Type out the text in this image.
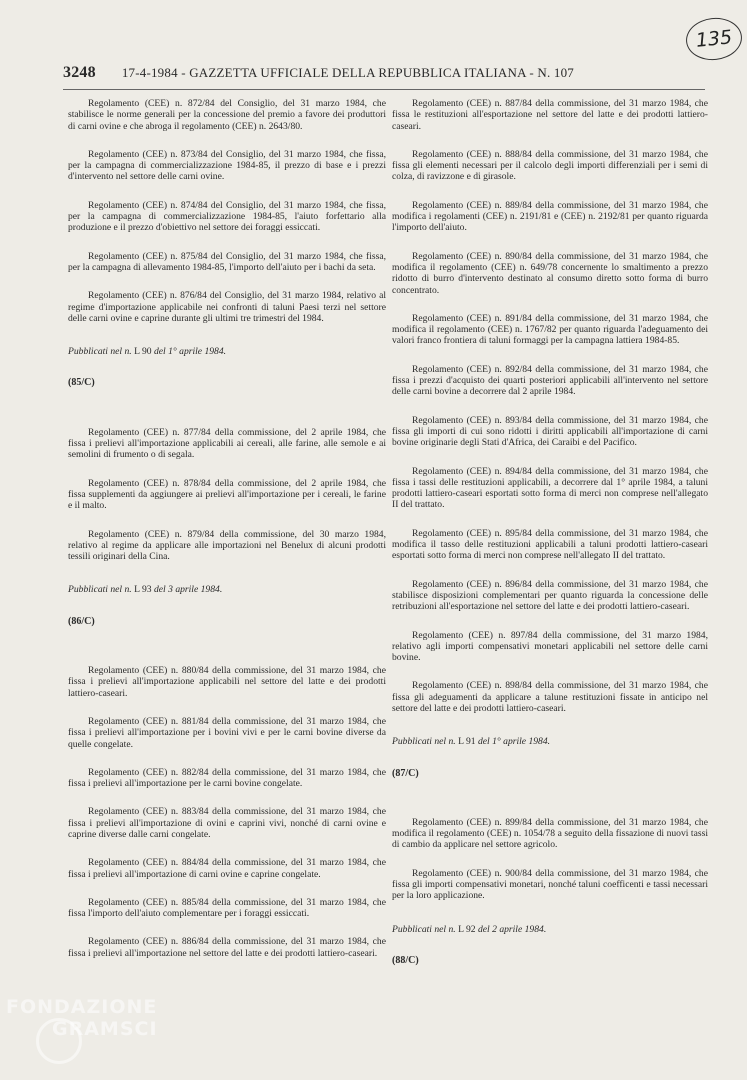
135
3248 17-4-1984 - GAZZETTA UFFICIALE DELLA REPUBBLICA ITALIANA - N. 107

Regolamento (CEE) n. 872/84 del Consiglio, del 31 marzo 1984, che stabilisce le norme generali per la concessione del premio a favore dei produttori di carni ovine e che abroga il regolamento (CEE) n. 2643/80.

Regolamento (CEE) n. 873/84 del Consiglio, del 31 marzo 1984, che fissa, per la campagna di commercializzazione 1984-85, il prezzo di base e i prezzi d'intervento nel settore delle carni ovine.

Regolamento (CEE) n. 874/84 del Consiglio, del 31 marzo 1984, che fissa, per la campagna di commercializzazione 1984-85, l'aiuto forfettario alla produzione e il prezzo d'obiettivo nel settore dei foraggi essiccati.

Regolamento (CEE) n. 875/84 del Consiglio, del 31 marzo 1984, che fissa, per la campagna di allevamento 1984-85, l'importo dell'aiuto per i bachi da seta.

Regolamento (CEE) n. 876/84 del Consiglio, del 31 marzo 1984, relativo al regime d'importazione applicabile nei confronti di taluni Paesi terzi nel settore delle carni ovine e caprine durante gli ultimi tre trimestri del 1984.

Pubblicati nel n. L 90 del 1° aprile 1984.

(85/C)

Regolamento (CEE) n. 877/84 della commissione, del 2 aprile 1984, che fissa i prelievi all'importazione applicabili ai cereali, alle farine, alle semole e ai semolini di frumento o di segala.

Regolamento (CEE) n. 878/84 della commissione, del 2 aprile 1984, che fissa supplementi da aggiungere ai prelievi all'importazione per i cereali, le farine e il malto.

Regolamento (CEE) n. 879/84 della commissione, del 30 marzo 1984, relativo al regime da applicare alle importazioni nel Benelux di alcuni prodotti tessili originari della Cina.

Pubblicati nel n. L 93 del 3 aprile 1984.

(86/C)

Regolamento (CEE) n. 880/84 della commissione, del 31 marzo 1984, che fissa i prelievi all'importazione applicabili nel settore del latte e dei prodotti lattiero-caseari.

Regolamento (CEE) n. 881/84 della commissione, del 31 marzo 1984, che fissa i prelievi all'importazione per i bovini vivi e per le carni bovine diverse da quelle congelate.

Regolamento (CEE) n. 882/84 della commissione, del 31 marzo 1984, che fissa i prelievi all'importazione per le carni bovine congelate.

Regolamento (CEE) n. 883/84 della commissione, del 31 marzo 1984, che fissa i prelievi all'importazione di ovini e caprini vivi, nonché di carni ovine e caprine diverse dalle carni congelate.

Regolamento (CEE) n. 884/84 della commissione, del 31 marzo 1984, che fissa i prelievi all'importazione di carni ovine e caprine congelate.

Regolamento (CEE) n. 885/84 della commissione, del 31 marzo 1984, che fissa l'importo dell'aiuto complementare per i foraggi essiccati.

Regolamento (CEE) n. 886/84 della commissione, del 31 marzo 1984, che fissa i prelievi all'importazione nel settore del latte e dei prodotti lattiero-caseari.

Regolamento (CEE) n. 887/84 della commissione, del 31 marzo 1984, che fissa le restituzioni all'esportazione nel settore del latte e dei prodotti lattiero-caseari.

Regolamento (CEE) n. 888/84 della commissione, del 31 marzo 1984, che fissa gli elementi necessari per il calcolo degli importi differenziali per i semi di colza, di ravizzone e di girasole.

Regolamento (CEE) n. 889/84 della commissione, del 31 marzo 1984, che modifica i regolamenti (CEE) n. 2191/81 e (CEE) n. 2192/81 per quanto riguarda l'importo dell'aiuto.

Regolamento (CEE) n. 890/84 della commissione, del 31 marzo 1984, che modifica il regolamento (CEE) n. 649/78 concernente lo smaltimento a prezzo ridotto di burro d'intervento destinato al consumo diretto sotto forma di burro concentrato.

Regolamento (CEE) n. 891/84 della commissione, del 31 marzo 1984, che modifica il regolamento (CEE) n. 1767/82 per quanto riguarda l'adeguamento dei valori franco frontiera di taluni formaggi per la campagna lattiera 1984-85.

Regolamento (CEE) n. 892/84 della commissione, del 31 marzo 1984, che fissa i prezzi d'acquisto dei quarti posteriori applicabili all'intervento nel settore delle carni bovine a decorrere dal 2 aprile 1984.

Regolamento (CEE) n. 893/84 della commissione, del 31 marzo 1984, che fissa gli importi di cui sono ridotti i diritti applicabili all'importazione di carni bovine originarie degli Stati d'Africa, dei Caraibi e del Pacifico.

Regolamento (CEE) n. 894/84 della commissione, del 31 marzo 1984, che fissa i tassi delle restituzioni applicabili, a decorrere dal 1° aprile 1984, a taluni prodotti lattiero-caseari esportati sotto forma di merci non comprese nell'allegato II del trattato.

Regolamento (CEE) n. 895/84 della commissione, del 31 marzo 1984, che modifica il tasso delle restituzioni applicabili a taluni prodotti lattiero-caseari esportati sotto forma di merci non comprese nell'allegato II del trattato.

Regolamento (CEE) n. 896/84 della commissione, del 31 marzo 1984, che stabilisce disposizioni complementari per quanto riguarda la concessione delle retribuzioni all'esportazione nel settore del latte e dei prodotti lattiero-caseari.

Regolamento (CEE) n. 897/84 della commissione, del 31 marzo 1984, relativo agli importi compensativi monetari applicabili nel settore delle carni bovine.

Regolamento (CEE) n. 898/84 della commissione, del 31 marzo 1984, che fissa gli adeguamenti da applicare a talune restituzioni fissate in anticipo nel settore del latte e dei prodotti lattiero-caseari.

Pubblicati nel n. L 91 del 1° aprile 1984.

(87/C)

Regolamento (CEE) n. 899/84 della commissione, del 31 marzo 1984, che modifica il regolamento (CEE) n. 1054/78 a seguito della fissazione di nuovi tassi di cambio da applicare nel settore agricolo.

Regolamento (CEE) n. 900/84 della commissione, del 31 marzo 1984, che fissa gli importi compensativi monetari, nonché taluni coefficenti e tassi necessari per la loro applicazione.

Pubblicati nel n. L 92 del 2 aprile 1984.

(88/C)

FONDAZIONE
GRAMSCI
